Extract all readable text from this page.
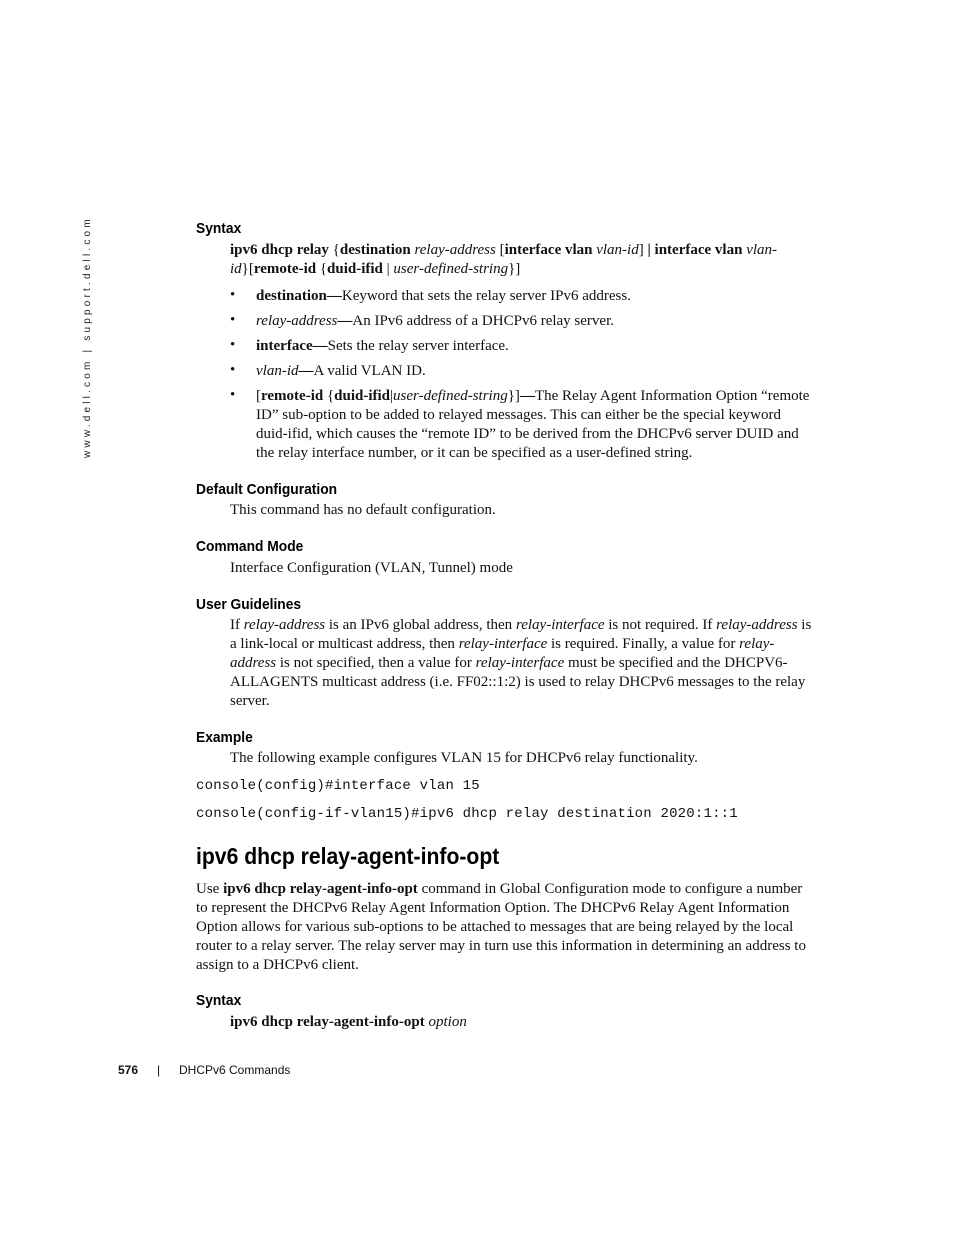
www.dell.com | support.dell.com	Syntax
ipv6 dhcp relay {destination relay-address [interface vlan vlan-id] | interface vlan vlan-
id}[remote-id {duid-ifid | user-defined-string}]
• destination—Keyword that sets the relay server IPv6 address.
• relay-address—An IPv6 address of a DHCPv6 relay server.
• interface—Sets the relay server interface.
• vlan-id—A valid VLAN ID.
• [remote-id {duid-ifid|user-defined-string}]—The Relay Agent Information Option “remote ID” sub-option to be added to relayed messages. This can either be the special keyword duid-ifid, which causes the “remote ID” to be derived from the DHCPv6 server DUID and the relay interface number, or it can be specified as a user-defined string.
Default Configuration
This command has no default configuration.
Command Mode
Interface Configuration (VLAN, Tunnel) mode
User Guidelines
If relay-address is an IPv6 global address, then relay-interface is not required. If relay-address is a link-local or multicast address, then relay-interface is required. Finally, a value for relay-address is not specified, then a value for relay-interface must be specified and the DHCPV6-ALLAGENTS multicast address (i.e. FF02::1:2) is used to relay DHCPv6 messages to the relay server.
Example
The following example configures VLAN 15 for DHCPv6 relay functionality.
console(config)#interface vlan 15
console(config-if-vlan15)#ipv6 dhcp relay destination 2020:1::1
ipv6 dhcp relay-agent-info-opt
Use ipv6 dhcp relay-agent-info-opt command in Global Configuration mode to configure a number to represent the DHCPv6 Relay Agent Information Option. The DHCPv6 Relay Agent Information Option allows for various sub-options to be attached to messages that are being relayed by the local router to a relay server. The relay server may in turn use this information in determining an address to assign to a DHCPv6 client.
Syntax
ipv6 dhcp relay-agent-info-opt option
576 | DHCPv6 Commands
